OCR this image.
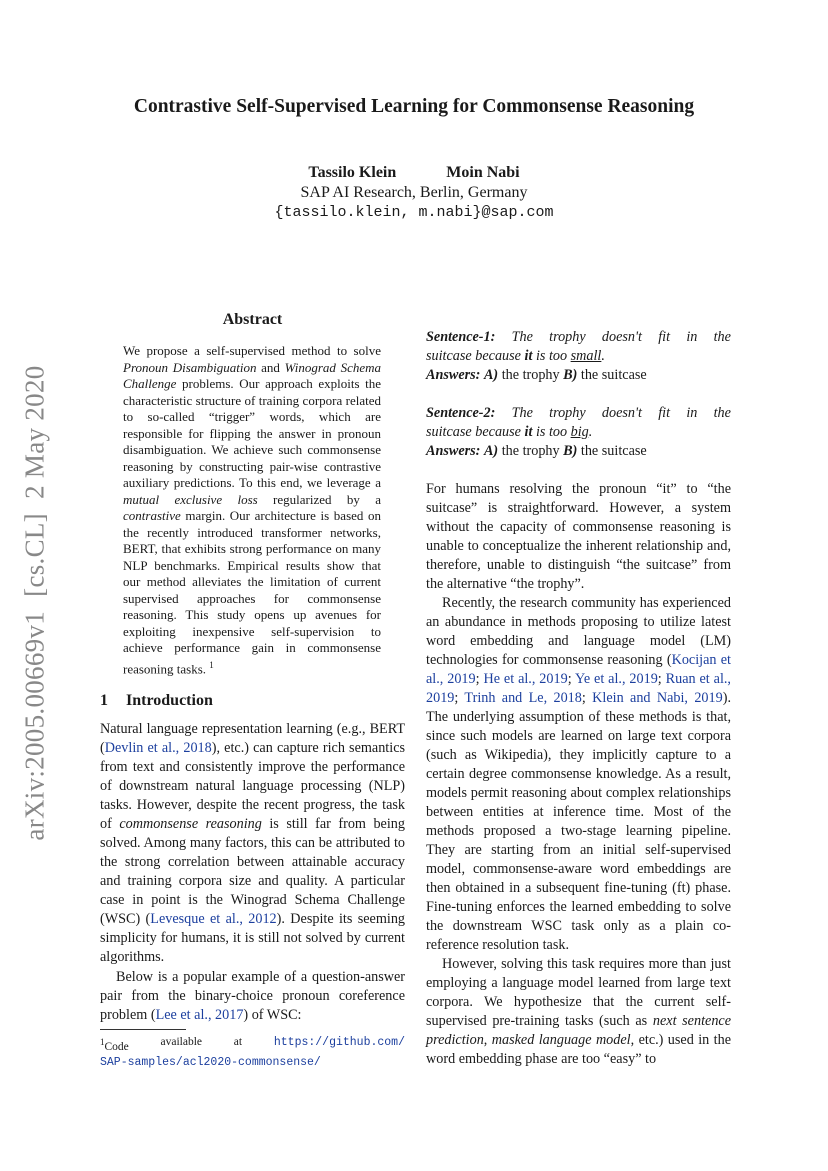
Contrastive Self-Supervised Learning for Commonsense Reasoning
Tassilo Klein	Moin Nabi
SAP AI Research, Berlin, Germany
{tassilo.klein, m.nabi}@sap.com
arXiv:2005.00669v1  [cs.CL]  2 May 2020
Abstract

We propose a self-supervised method to solve Pronoun Disambiguation and Winograd Schema Challenge problems. Our approach exploits the characteristic structure of training corpora related to so-called “trigger” words, which are responsible for flipping the answer in pronoun disambiguation. We achieve such commonsense reasoning by constructing pair-wise contrastive auxiliary predictions. To this end, we leverage a mutual exclusive loss regularized by a contrastive margin. Our architecture is based on the recently introduced transformer networks, BERT, that exhibits strong performance on many NLP benchmarks. Empirical results show that our method alleviates the limitation of current supervised approaches for commonsense reasoning. This study opens up avenues for exploiting inexpensive self-supervision to achieve performance gain in commonsense reasoning tasks. $^1$

1 Introduction

Natural language representation learning (e.g., BERT (Devlin et al., 2018), etc.) can capture rich semantics from text and consistently improve the performance of downstream natural language processing (NLP) tasks. However, despite the recent progress, the task of commonsense reasoning is still far from being solved. Among many factors, this can be attributed to the strong correlation between attainable accuracy and training corpora size and quality. A particular case in point is the Winograd Schema Challenge (WSC) (Levesque et al., 2012). Despite its seeming simplicity for humans, it is still not solved by current algorithms.

Below is a popular example of a question-answer pair from the binary-choice pronoun coreference problem (Lee et al., 2017) of WSC:

$^1$Code	available	at	https://github.com/
SAP-samples/acl2020-commonsense/
Sentence-1: The trophy doesn't fit in the

suitcase because it is too small.

Answers: A) the trophy B) the suitcase

Sentence-2: The trophy doesn't fit in the

suitcase because it is too big.

Answers: A) the trophy B) the suitcase

For humans resolving the pronoun “it” to “the suitcase” is straightforward. However, a system without the capacity of commonsense reasoning is unable to conceptualize the inherent relationship and, therefore, unable to distinguish “the suitcase” from the alternative “the trophy”.

Recently, the research community has experienced an abundance in methods proposing to utilize latest word embedding and language model (LM) technologies for commonsense reasoning (Kocijan et al., 2019; He et al., 2019; Ye et al., 2019; Ruan et al., 2019; Trinh and Le, 2018; Klein and Nabi, 2019). The underlying assumption of these methods is that, since such models are learned on large text corpora (such as Wikipedia), they implicitly capture to a certain degree commonsense knowledge. As a result, models permit reasoning about complex relationships between entities at inference time. Most of the methods proposed a two-stage learning pipeline. They are starting from an initial self-supervised model, commonsense-aware word embeddings are then obtained in a subsequent fine-tuning (ft) phase. Fine-tuning enforces the learned embedding to solve the downstream WSC task only as a plain co-reference resolution task.

However, solving this task requires more than just employing a language model learned from large text corpora. We hypothesize that the current self-supervised pre-training tasks (such as next sentence prediction, masked language model, etc.) used in the word embedding phase are too “easy” to
